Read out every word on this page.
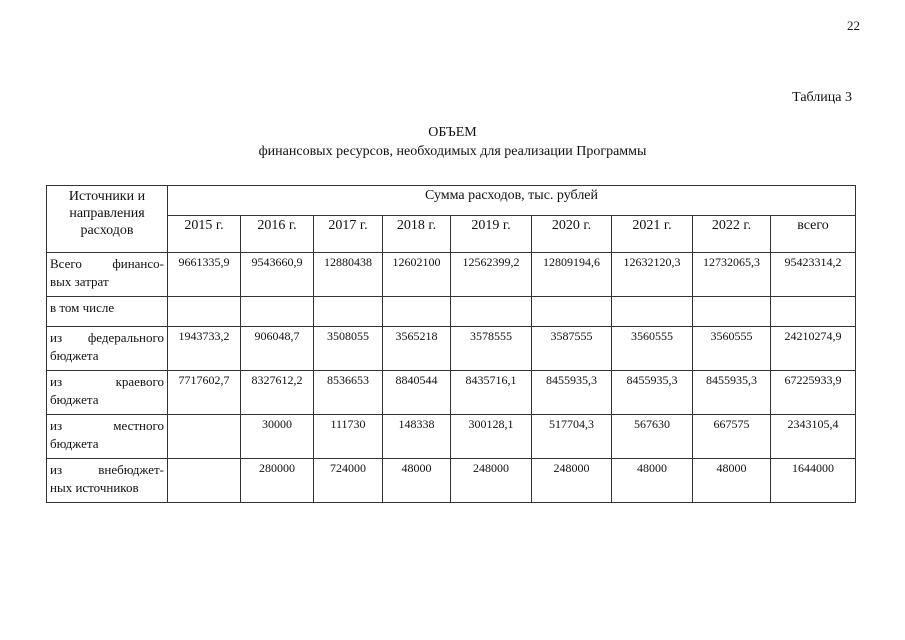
22
Таблица 3
ОБЪЕМ
финансовых ресурсов, необходимых для реализации Программы
Источники и
направления
расходов	Сумма расходов, тыс. рублей								
	2015 г.	2016 г.	2017 г.	2018 г.	2019 г.	2020 г.	2021 г.	2022 г.	всего

Всего финансо-
вых затрат	9661335,9	9543660,9	12880438	12602100	12562399,2	12809194,6	12632120,3	12732065,3	95423314,2

в том числе									

из федерального
бюджета	1943733,2	906048,7	3508055	3565218	3578555	3587555	3560555	3560555	24210274,9

из краевого
бюджета	7717602,7	8327612,2	8536653	8840544	8435716,1	8455935,3	8455935,3	8455935,3	67225933,9

из местного
бюджета		30000	111730	148338	300128,1	517704,3	567630	667575	2343105,4

из внебюджет-
ных источников		280000	724000	48000	248000	248000	48000	48000	1644000
